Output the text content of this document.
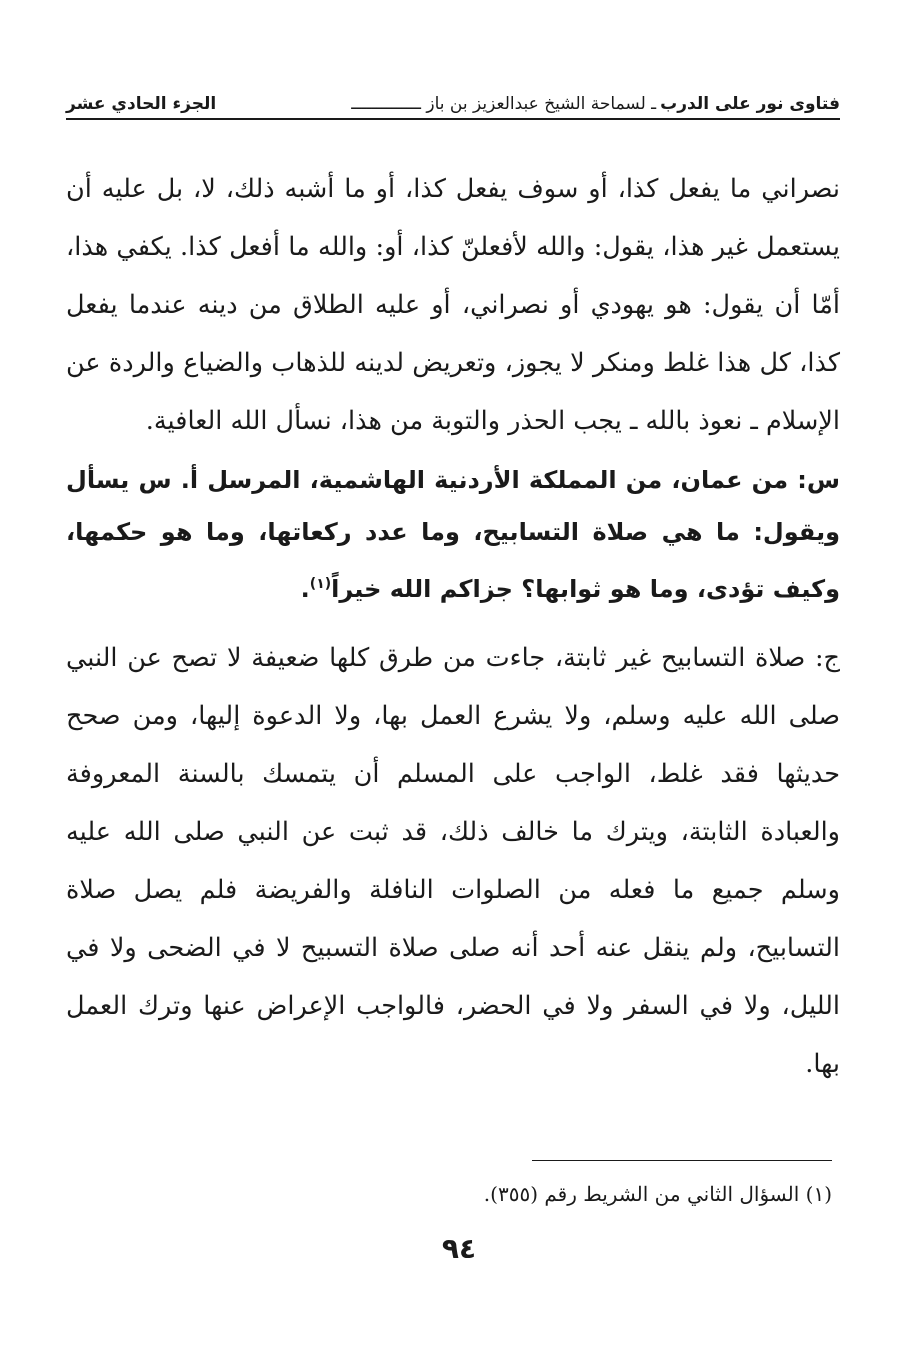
فتاوى نور على الدرب
ـ لسماحة الشيخ عبدالعزيز بن باز ــــــــــــــ
الجزء الحادي عشر

نصراني ما يفعل كذا، أو سوف يفعل كذا، أو ما أشبه ذلك، لا، بل عليه أن يستعمل غير هذا، يقول: والله لأفعلنّ كذا، أو: والله ما أفعل كذا. يكفي هذا، أمّا أن يقول: هو يهودي أو نصراني، أو عليه الطلاق من دينه عندما يفعل كذا، كل هذا غلط ومنكر لا يجوز، وتعريض لدينه للذهاب والضياع والردة عن الإسلام ـ نعوذ بالله ـ يجب الحذر والتوبة من هذا، نسأل الله العافية.

س: من عمان، من المملكة الأردنية الهاشمية، المرسل أ. س يسأل ويقول: ما هي صلاة التسابيح، وما عدد ركعاتها، وما هو حكمها، وكيف تؤدى، وما هو ثوابها؟ جزاكم الله خيراً$^{(١)}$.

ج: صلاة التسابيح غير ثابتة، جاءت من طرق كلها ضعيفة لا تصح عن النبي صلى الله عليه وسلم، ولا يشرع العمل بها، ولا الدعوة إليها، ومن صحح حديثها فقد غلط، الواجب على المسلم أن يتمسك بالسنة المعروفة والعبادة الثابتة، ويترك ما خالف ذلك، قد ثبت عن النبي صلى الله عليه وسلم جميع ما فعله من الصلوات النافلة والفريضة فلم يصل صلاة التسابيح، ولم ينقل عنه أحد أنه صلى صلاة التسبيح لا في الضحى ولا في الليل، ولا في السفر ولا في الحضر، فالواجب الإعراض عنها وترك العمل بها.

(١) السؤال الثاني من الشريط رقم (٣٥٥).
٩٤
